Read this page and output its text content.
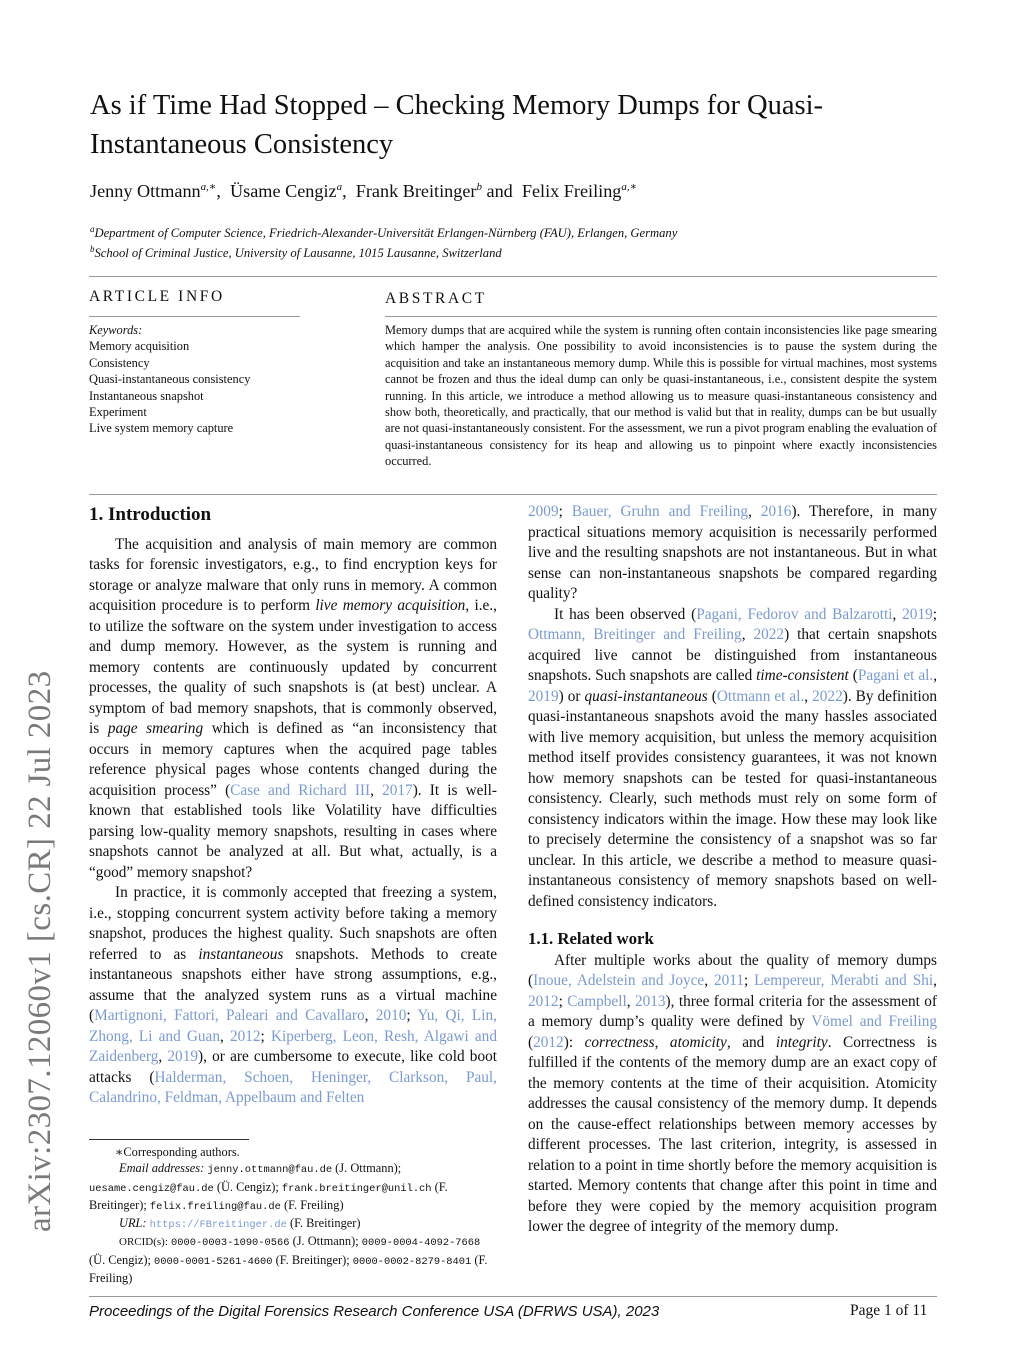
arXiv:2307.12060v1 [cs.CR] 22 Jul 2023
As if Time Had Stopped – Checking Memory Dumps for Quasi-Instantaneous Consistency
Jenny Ottmann$^{a,∗}$,  Üsame Cengiz$^a$,  Frank Breitinger$^b$ and  Felix Freiling$^{a,∗}$
$^a$Department of Computer Science, Friedrich-Alexander-Universität Erlangen-Nürnberg (FAU), Erlangen, Germany
$^b$School of Criminal Justice, University of Lausanne, 1015 Lausanne, Switzerland
ARTICLE INFO	ABSTRACT
Keywords:
Memory acquisition
Consistency
Quasi-instantaneous consistency
Instantaneous snapshot
Experiment
Live system memory capture
Memory dumps that are acquired while the system is running often contain inconsistencies like page smearing which hamper the analysis. One possibility to avoid inconsistencies is to pause the system during the acquisition and take an instantaneous memory dump. While this is possible for virtual machines, most systems cannot be frozen and thus the ideal dump can only be quasi-instantaneous, i.e., consistent despite the system running. In this article, we introduce a method allowing us to measure quasi-instantaneous consistency and show both, theoretically, and practically, that our method is valid but that in reality, dumps can be but usually are not quasi-instantaneously consistent. For the assessment, we run a pivot program enabling the evaluation of quasi-instantaneous consistency for its heap and allowing us to pinpoint where exactly inconsistencies occurred.

1. Introduction

The acquisition and analysis of main memory are common tasks for forensic investigators, e.g., to find encryption keys for storage or analyze malware that only runs in memory. A common acquisition procedure is to perform live memory acquisition, i.e., to utilize the software on the system under investigation to access and dump memory. However, as the system is running and memory contents are continuously updated by concurrent processes, the quality of such snapshots is (at best) unclear. A symptom of bad memory snapshots, that is commonly observed, is page smearing which is defined as “an inconsistency that occurs in memory captures when the acquired page tables reference physical pages whose contents changed during the acquisition process” (Case and Richard III, 2017). It is well-known that established tools like Volatility have difficulties parsing low-quality memory snapshots, resulting in cases where snapshots cannot be analyzed at all. But what, actually, is a “good” memory snapshot?

In practice, it is commonly accepted that freezing a system, i.e., stopping concurrent system activity before taking a memory snapshot, produces the highest quality. Such snapshots are often referred to as instantaneous snapshots. Methods to create instantaneous snapshots either have strong assumptions, e.g., assume that the analyzed system runs as a virtual machine (Martignoni, Fattori, Paleari and Cavallaro, 2010; Yu, Qi, Lin, Zhong, Li and Guan, 2012; Kiperberg, Leon, Resh, Algawi and Zaidenberg, 2019), or are cumbersome to execute, like cold boot attacks (Halderman, Schoen, Heninger, Clarkson, Paul, Calandrino, Feldman, Appelbaum and Felten

∗Corresponding authors.
Email addresses: jenny.ottmann@fau.de (J. Ottmann); uesame.cengiz@fau.de (Ü. Cengiz); frank.breitinger@unil.ch (F. Breitinger); felix.freiling@fau.de (F. Freiling)
URL: https://FBreitinger.de (F. Breitinger)
ORCID(s): 0000-0003-1090-0566 (J. Ottmann); 0009-0004-4092-7668 (Ü. Cengiz); 0000-0001-5261-4600 (F. Breitinger); 0000-0002-8279-8401 (F. Freiling)

2009; Bauer, Gruhn and Freiling, 2016). Therefore, in many practical situations memory acquisition is necessarily performed live and the resulting snapshots are not instantaneous. But in what sense can non-instantaneous snapshots be compared regarding quality?

It has been observed (Pagani, Fedorov and Balzarotti, 2019; Ottmann, Breitinger and Freiling, 2022) that certain snapshots acquired live cannot be distinguished from instantaneous snapshots. Such snapshots are called time-consistent (Pagani et al., 2019) or quasi-instantaneous (Ottmann et al., 2022). By definition quasi-instantaneous snapshots avoid the many hassles associated with live memory acquisition, but unless the memory acquisition method itself provides consistency guarantees, it was not known how memory snapshots can be tested for quasi-instantaneous consistency. Clearly, such methods must rely on some form of consistency indicators within the image. How these may look like to precisely determine the consistency of a snapshot was so far unclear. In this article, we describe a method to measure quasi-instantaneous consistency of memory snapshots based on well-defined consistency indicators.

1.1. Related work

After multiple works about the quality of memory dumps (Inoue, Adelstein and Joyce, 2011; Lempereur, Merabti and Shi, 2012; Campbell, 2013), three formal criteria for the assessment of a memory dump’s quality were defined by Vömel and Freiling (2012): correctness, atomicity, and integrity. Correctness is fulfilled if the contents of the memory dump are an exact copy of the memory contents at the time of their acquisition. Atomicity addresses the causal consistency of the memory dump. It depends on the cause-effect relationships between memory accesses by different processes. The last criterion, integrity, is assessed in relation to a point in time shortly before the memory acquisition is started. Memory contents that change after this point in time and before they were copied by the memory acquisition program lower the degree of integrity of the memory dump.

Proceedings of the Digital Forensics Research Conference USA (DFRWS USA), 2023	Page 1 of 11
